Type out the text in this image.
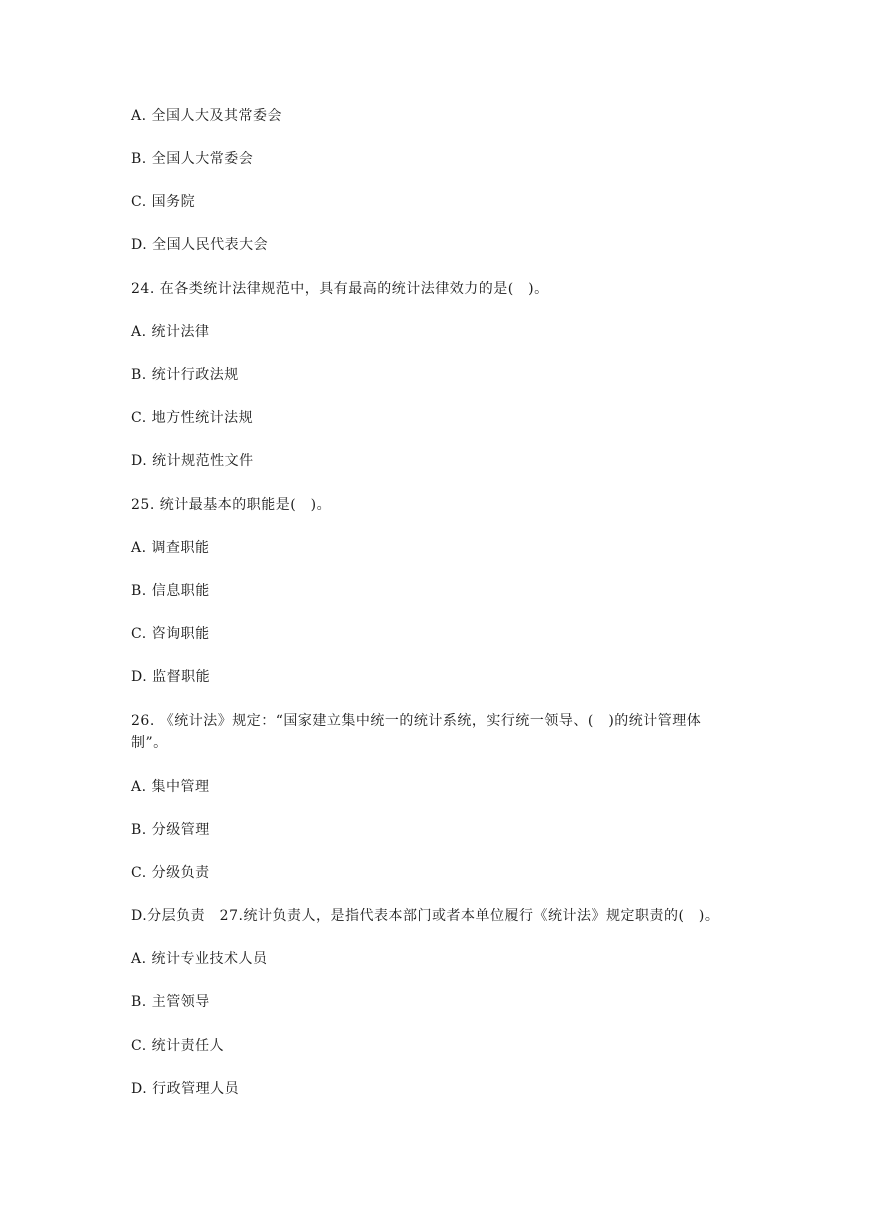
A. 全国人大及其常委会
B. 全国人大常委会
C. 国务院
D. 全国人民代表大会
24. 在各类统计法律规范中，具有最高的统计法律效力的是(　)。
A. 统计法律
B. 统计行政法规
C. 地方性统计法规
D. 统计规范性文件
25. 统计最基本的职能是(　)。
A. 调查职能
B. 信息职能
C. 咨询职能
D. 监督职能
26. 《统计法》规定：“国家建立集中统一的统计系统，实行统一领导、(　)的统计管理体
制”。
A. 集中管理
B. 分级管理
C. 分级负责
D.分层负责　27.统计负责人，是指代表本部门或者本单位履行《统计法》规定职责的(　)。
A. 统计专业技术人员
B. 主管领导
C. 统计责任人
D. 行政管理人员
